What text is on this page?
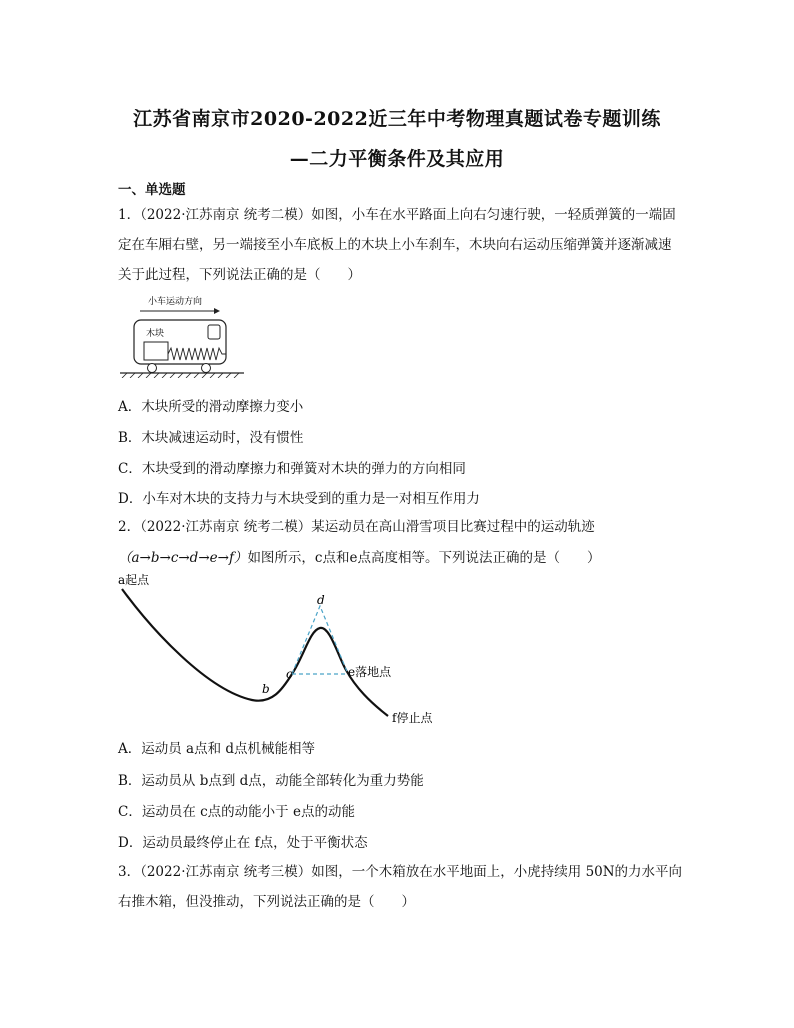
江苏省南京市2020-2022近三年中考物理真题试卷专题训练
—二力平衡条件及其应用
一、单选题
1．（2022·江苏南京 统考二模）如图，小车在水平路面上向右匀速行驶，一轻质弹簧的一端固
定在车厢右壁，另一端接至小车底板上的木块上小车刹车，木块向右运动压缩弹簧并逐渐减速
关于此过程，下列说法正确的是（　　）
小车运动方向
木块
A．木块所受的滑动摩擦力变小
B．木块减速运动时，没有惯性
C．木块受到的滑动摩擦力和弹簧对木块的弹力的方向相同
D．小车对木块的支持力与木块受到的重力是一对相互作用力
2．（2022·江苏南京 统考二模）某运动员在高山滑雪项目比赛过程中的运动轨迹
（a→b→c→d→e→f）如图所示，c点和e点高度相等。下列说法正确的是（　　）
a起点
b
c
d
e落地点
f停止点
A．运动员 a点和 d点机械能相等
B．运动员从 b点到 d点，动能全部转化为重力势能
C．运动员在 c点的动能小于 e点的动能
D．运动员最终停止在 f点，处于平衡状态
3．（2022·江苏南京 统考三模）如图，一个木箱放在水平地面上，小虎持续用 50N的力水平向
右推木箱，但没推动，下列说法正确的是（　　）
